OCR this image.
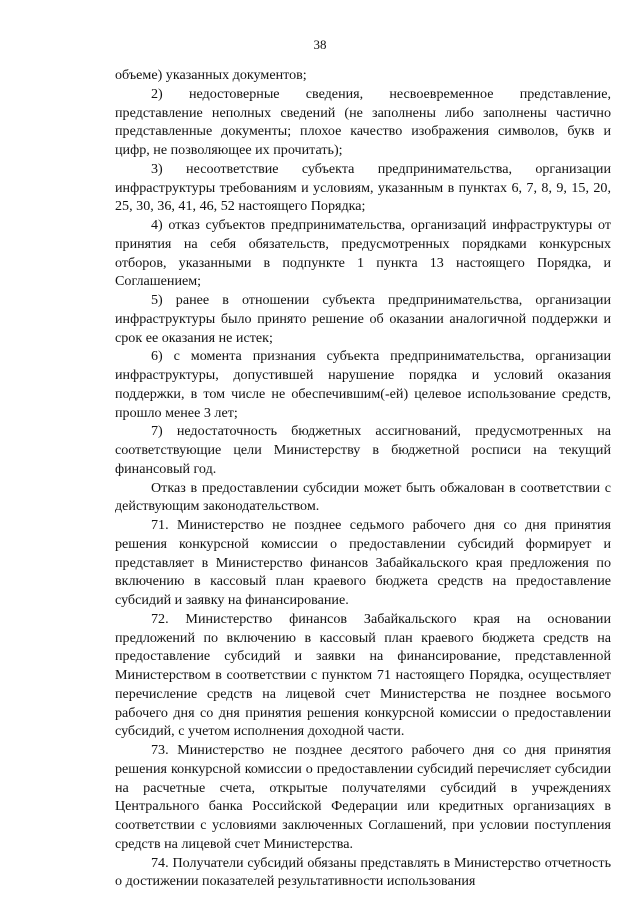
38

объеме) указанных документов;

2) недостоверные сведения, несвоевременное представление, представление неполных сведений (не заполнены либо заполнены частично представленные документы; плохое качество изображения символов, букв и цифр, не позволяющее их прочитать);

3) несоответствие субъекта предпринимательства, организации инфраструктуры требованиям и условиям, указанным в пунктах 6, 7, 8, 9, 15, 20, 25, 30, 36, 41, 46, 52 настоящего Порядка;

4) отказ субъектов предпринимательства, организаций инфраструктуры от принятия на себя обязательств, предусмотренных порядками конкурсных отборов, указанными в подпункте 1 пункта 13 настоящего Порядка, и Соглашением;

5) ранее в отношении субъекта предпринимательства, организации инфраструктуры было принято решение об оказании аналогичной поддержки и срок ее оказания не истек;

6) с момента признания субъекта предпринимательства, организации инфраструктуры, допустившей нарушение порядка и условий оказания поддержки, в том числе не обеспечившим(-ей) целевое использование средств, прошло менее 3 лет;

7) недостаточность бюджетных ассигнований, предусмотренных на соответствующие цели Министерству в бюджетной росписи на текущий финансовый год.

Отказ в предоставлении субсидии может быть обжалован в соответствии с действующим законодательством.

71. Министерство не позднее седьмого рабочего дня со дня принятия решения конкурсной комиссии о предоставлении субсидий формирует и представляет в Министерство финансов Забайкальского края предложения по включению в кассовый план краевого бюджета средств на предоставление субсидий и заявку на финансирование.

72. Министерство финансов Забайкальского края на основании предложений по включению в кассовый план краевого бюджета средств на предоставление субсидий и заявки на финансирование, представленной Министерством в соответствии с пунктом 71 настоящего Порядка, осуществляет перечисление средств на лицевой счет Министерства не позднее восьмого рабочего дня со дня принятия решения конкурсной комиссии о предоставлении субсидий, с учетом исполнения доходной части.

73. Министерство не позднее десятого рабочего дня со дня принятия решения конкурсной комиссии о предоставлении субсидий перечисляет субсидии на расчетные счета, открытые получателями субсидий в учреждениях Центрального банка Российской Федерации или кредитных организациях в соответствии с условиями заключенных Соглашений, при условии поступления средств на лицевой счет Министерства.

74. Получатели субсидий обязаны представлять в Министерство отчетность о достижении показателей результативности использования
